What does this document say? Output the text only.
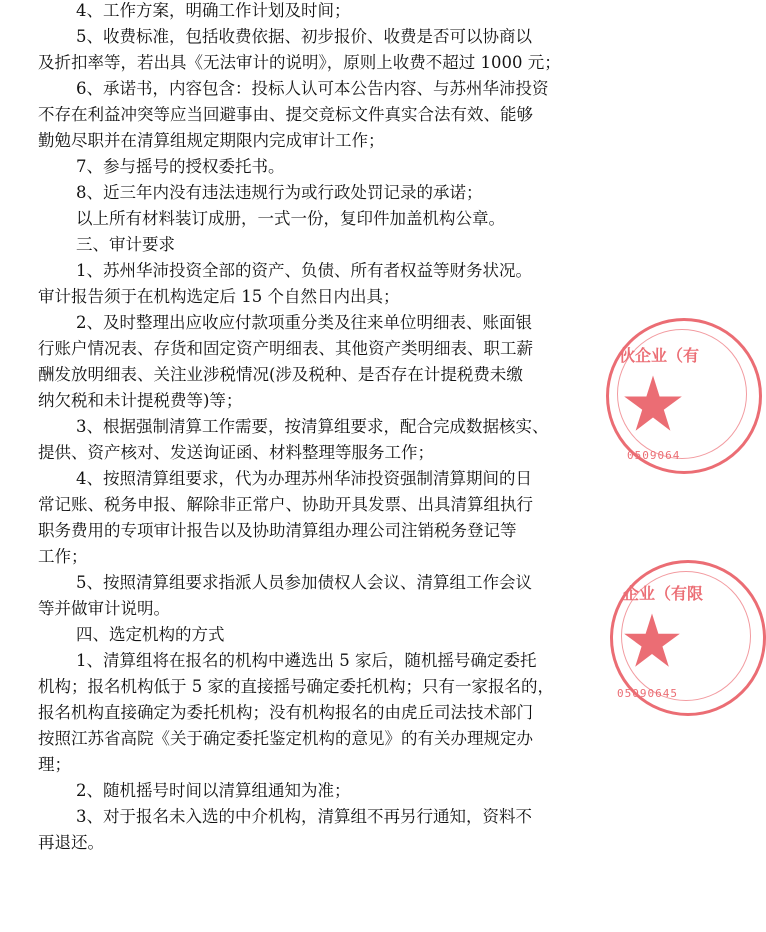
4、工作方案，明确工作计划及时间；
5、收费标准，包括收费依据、初步报价、收费是否可以协商以
及折扣率等，若出具《无法审计的说明》，原则上收费不超过 1000 元；
6、承诺书，内容包含：投标人认可本公告内容、与苏州华沛投资
不存在利益冲突等应当回避事由、提交竞标文件真实合法有效、能够
勤勉尽职并在清算组规定期限内完成审计工作；
7、参与摇号的授权委托书。
8、近三年内没有违法违规行为或行政处罚记录的承诺；
以上所有材料装订成册，一式一份，复印件加盖机构公章。
三、审计要求
1、苏州华沛投资全部的资产、负债、所有者权益等财务状况。
审计报告须于在机构选定后 15 个自然日内出具；
2、及时整理出应收应付款项重分类及往来单位明细表、账面银
行账户情况表、存货和固定资产明细表、其他资产类明细表、职工薪
酬发放明细表、关注业涉税情况(涉及税种、是否存在计提税费未缴
纳欠税和未计提税费等)等；
3、根据强制清算工作需要，按清算组要求，配合完成数据核实、
提供、资产核对、发送询证函、材料整理等服务工作；
4、按照清算组要求，代为办理苏州华沛投资强制清算期间的日
常记账、税务申报、解除非正常户、协助开具发票、出具清算组执行
职务费用的专项审计报告以及协助清算组办理公司注销税务登记等
工作；
5、按照清算组要求指派人员参加债权人会议、清算组工作会议
等并做审计说明。
四、选定机构的方式
1、清算组将在报名的机构中遴选出 5 家后，随机摇号确定委托
机构；报名机构低于 5 家的直接摇号确定委托机构；只有一家报名的，
报名机构直接确定为委托机构；没有机构报名的由虎丘司法技术部门
按照江苏省高院《关于确定委托鉴定机构的意见》的有关办理规定办
理；
2、随机摇号时间以清算组通知为准；
3、对于报名未入选的中介机构，清算组不再另行通知，资料不
再退还。
伙企业（有
0509064
企业（有限
05090645
